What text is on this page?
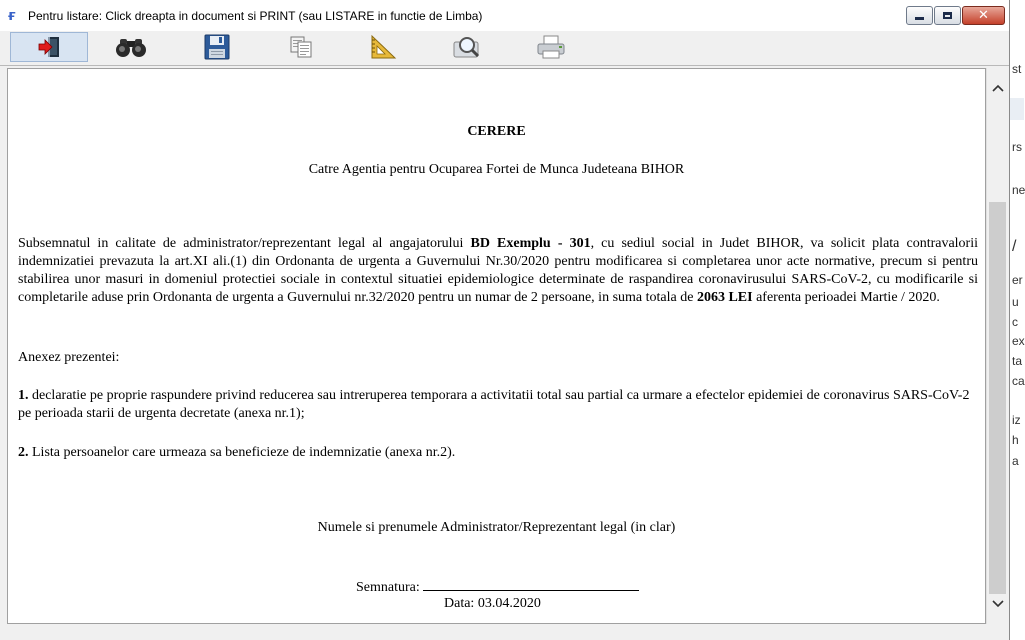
st
rs
ne
/
er
u
c
ex
ta
ca
iz
h
a
ғ Pentru listare: Click dreapta in document si PRINT (sau LISTARE in functie de Limba)	✕

CERERE

Catre Agentia pentru Ocuparea Fortei de Munca Judeteana BIHOR

Subsemnatul in calitate de administrator/reprezentant legal al angajatorului BD Exemplu - 301, cu sediul social in Judet BIHOR, va solicit plata contravalorii indemnizatiei prevazuta la art.XI ali.(1) din Ordonanta de urgenta a Guvernului Nr.30/2020 pentru modificarea si completarea unor acte normative, precum si pentru stabilirea unor masuri in domeniul protectiei sociale in contextul situatiei epidemiologice determinate de raspandirea coronavirusului SARS-CoV-2, cu modificarile si completarile aduse prin Ordonanta de urgenta a Guvernului nr.32/2020 pentru un numar de 2 persoane, in suma totala de 2063 LEI aferenta perioadei Martie / 2020.

Anexez prezentei:

1. declaratie pe proprie raspundere privind reducerea sau intreruperea temporara a activitatii total sau partial ca urmare a efectelor epidemiei de coronavirus SARS-CoV-2 pe perioada starii de urgenta decretate (anexa nr.1);

2. Lista persoanelor care urmeaza sa beneficieze de indemnizatie (anexa nr.2).

Numele si prenumele Administrator/Reprezentant legal (in clar)

Semnatura:

Data: 03.04.2020
